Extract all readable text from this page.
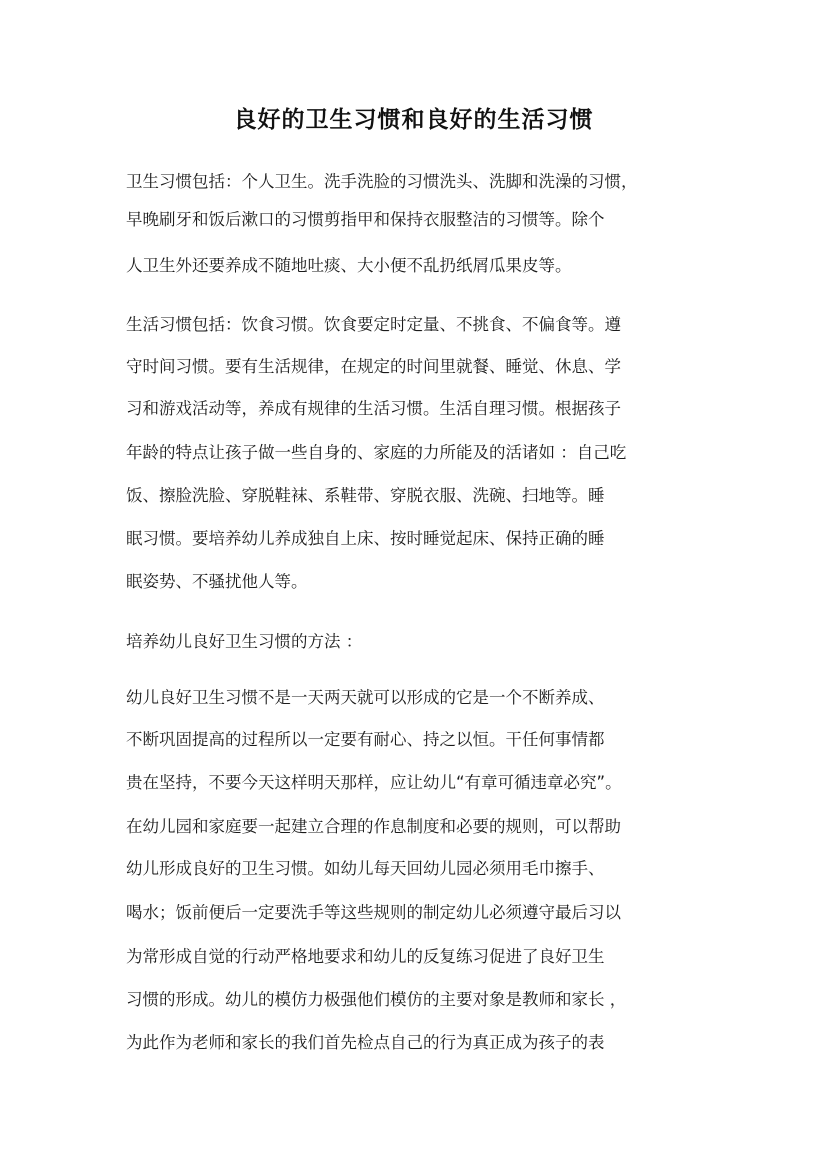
良好的卫生习惯和良好的生活习惯
卫生习惯包括：个人卫生。洗手洗脸的习惯洗头、洗脚和洗澡的习惯，
早晚刷牙和饭后漱口的习惯剪指甲和保持衣服整洁的习惯等。除个
人卫生外还要养成不随地吐痰、大小便不乱扔纸屑瓜果皮等。
生活习惯包括：饮食习惯。饮食要定时定量、不挑食、不偏食等。遵
守时间习惯。要有生活规律，在规定的时间里就餐、睡觉、休息、学
习和游戏活动等，养成有规律的生活习惯。生活自理习惯。根据孩子
年龄的特点让孩子做一些自身的、家庭的力所能及的活诸如 ：自己吃
饭、擦脸洗脸、穿脱鞋袜、系鞋带、穿脱衣服、洗碗、扫地等。睡
眠习惯。要培养幼儿养成独自上床、按时睡觉起床、保持正确的睡
眠姿势、不骚扰他人等。
培养幼儿良好卫生习惯的方法 ：
幼儿良好卫生习惯不是一天两天就可以形成的它是一个不断养成、
不断巩固提高的过程所以一定要有耐心、持之以恒。干任何事情都
贵在坚持，不要今天这样明天那样，应让幼儿“有章可循违章必究”。
在幼儿园和家庭要一起建立合理的作息制度和必要的规则，可以帮助
幼儿形成良好的卫生习惯。如幼儿每天回幼儿园必须用毛巾擦手、
喝水；饭前便后一定要洗手等这些规则的制定幼儿必须遵守最后习以
为常形成自觉的行动严格地要求和幼儿的反复练习促进了良好卫生
习惯的形成。幼儿的模仿力极强他们模仿的主要对象是教师和家长 ，
为此作为老师和家长的我们首先检点自己的行为真正成为孩子的表
